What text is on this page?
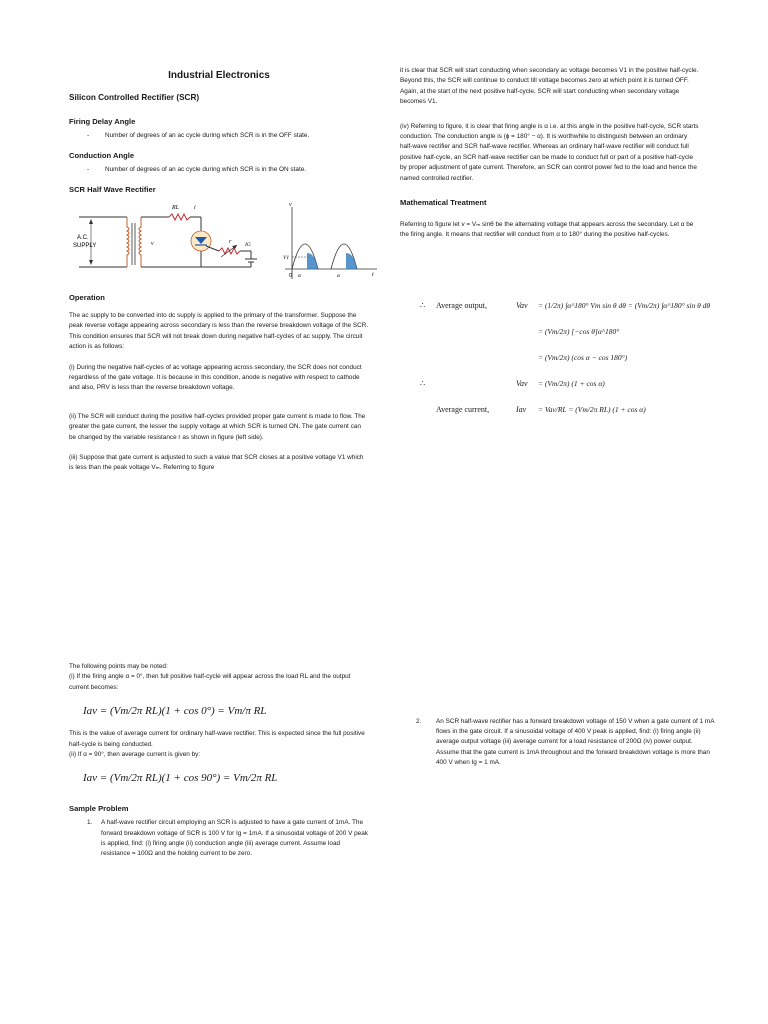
Industrial Electronics
Silicon Controlled Rectifier (SCR)
Firing Delay Angle
-	Number of degrees of an ac cycle during which SCR is in the OFF state.
Conduction Angle
-	Number of degrees of an ac cycle during which SCR is in the ON state.
SCR Half Wave Rectifier
A.C.
SUPPLY	v
RL i
r IG
v
t
0
V1
α	α
Operation

The ac supply to be converted into dc supply is applied to the primary of the transformer. Suppose the peak reverse voltage appearing across secondary is less than the reverse breakdown voltage of the SCR. This condition ensures that SCR will not break down during negative half-cycles of ac supply. The circuit action is as follows:

(i) During the negative half-cycles of ac voltage appearing across secondary, the SCR does not conduct regardless of the gate voltage. It is because in this condition, anode is negative with respect to cathode and also, PRV is less than the reverse breakdown voltage.

(ii) The SCR will conduct during the positive half-cycles provided proper gate current is made to flow. The greater the gate current, the lesser the supply voltage at which SCR is turned ON. The gate current can be changed by the variable resistance r as shown in figure (left side).

(iii) Suppose that gate current is adjusted to such a value that SCR closes at a positive voltage V1 which is less than the peak voltage Vₘ. Referring to figure

The following points may be noted:

(i) If the firing angle α = 0°, then full positive half-cycle will appear across the load RL and the output current becomes:

Iav = (Vm/2π RL)(1 + cos 0°) = Vm/π RL

This is the value of average current for ordinary half-wave rectifier. This is expected since the full positive half-cycle is being conducted.

(ii) If α = 90°, then average current is given by:

Iav = (Vm/2π RL)(1 + cos 90°) = Vm/2π RL
Sample Problem
1.	A half-wave rectifier circuit employing an SCR is adjusted to have a gate current of 1mA. The forward breakdown voltage of SCR is 100 V for Ig = 1mA. If a sinusoidal voltage of 200 V peak is applied, find: (i) firing angle (ii) conduction angle (iii) average current. Assume load resistance = 100Ω and the holding current to be zero.

it is clear that SCR will start conducting when secondary ac voltage becomes V1 in the positive half-cycle. Beyond this, the SCR will continue to conduct till voltage becomes zero at which point it is turned OFF. Again, at the start of the next positive half-cycle, SCR will start conducting when secondary voltage becomes V1.

(iv) Referring to figure, it is clear that firing angle is α i.e. at this angle in the positive half-cycle, SCR starts conduction. The conduction angle is (ϕ = 180° − α). It is worthwhile to distinguish between an ordinary half-wave rectifier and SCR half-wave rectifier. Whereas an ordinary half-wave rectifier will conduct full positive half-cycle, an SCR half-wave rectifier can be made to conduct full or part of a positive half-cycle by proper adjustment of gate current. Therefore, an SCR can control power fed to the load and hence the named controlled rectifier.

Mathematical Treatment

Referring to figure let v = Vₘ sinθ be the alternating voltage that appears across the secondary. Let α be the firing angle. It means that rectifier will conduct from α to 180° during the positive half-cycles.

∴	Average output,	Vav	= (1/2π) ∫α^180° Vm sin θ dθ = (Vm/2π) ∫α^180° sin θ dθ
= (Vm/2π) [−cos θ]α^180°
= (Vm/2π) (cos α − cos 180°)
∴	Vav	= (Vm/2π) (1 + cos α)
Average current,	Iav	= Vav/RL = (Vm/2π RL) (1 + cos α)
2.	An SCR half-wave rectifier has a forward breakdown voltage of 150 V when a gate current of 1 mA flows in the gate circuit. If a sinusoidal voltage of 400 V peak is applied, find: (i) firing angle (ii) average output voltage (iii) average current for a load resistance of 200Ω (iv) power output. Assume that the gate current is 1mA throughout and the forward breakdown voltage is more than 400 V when Ig = 1 mA.
